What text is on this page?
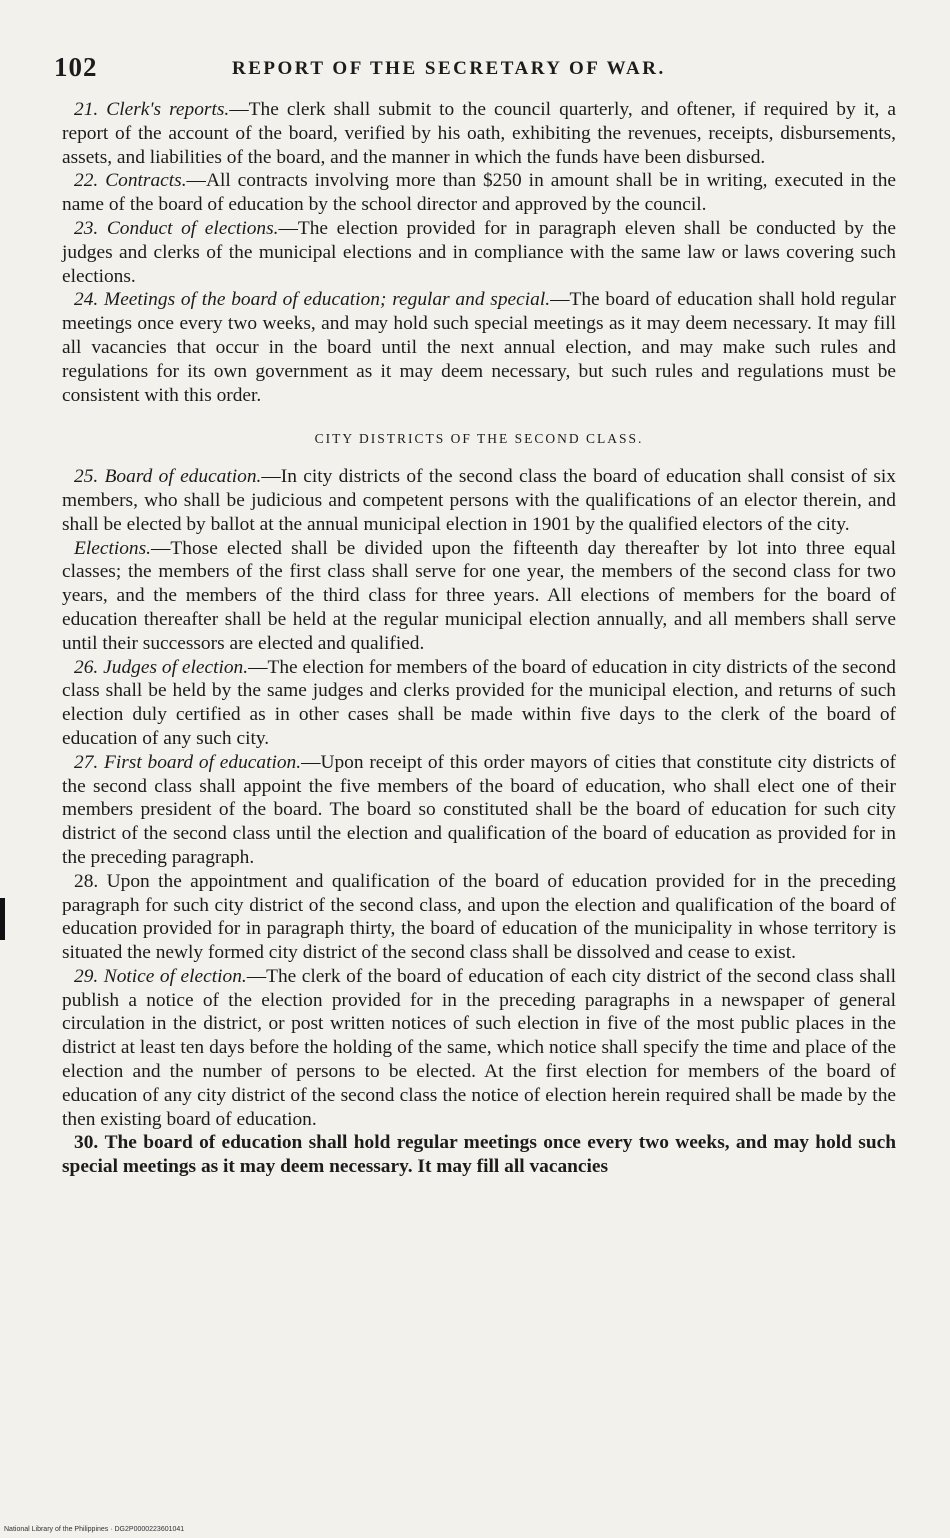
102	REPORT OF THE SECRETARY OF WAR.

21. Clerk's reports.—The clerk shall submit to the council quarterly, and oftener, if required by it, a report of the account of the board, verified by his oath, exhibiting the revenues, receipts, disbursements, assets, and liabilities of the board, and the manner in which the funds have been disbursed.

22. Contracts.—All contracts involving more than $250 in amount shall be in writing, executed in the name of the board of education by the school director and approved by the council.

23. Conduct of elections.—The election provided for in paragraph eleven shall be conducted by the judges and clerks of the municipal elections and in compliance with the same law or laws covering such elections.

24. Meetings of the board of education; regular and special.—The board of education shall hold regular meetings once every two weeks, and may hold such special meetings as it may deem necessary. It may fill all vacancies that occur in the board until the next annual election, and may make such rules and regulations for its own government as it may deem necessary, but such rules and regulations must be consistent with this order.

CITY DISTRICTS OF THE SECOND CLASS.

25. Board of education.—In city districts of the second class the board of education shall consist of six members, who shall be judicious and competent persons with the qualifications of an elector therein, and shall be elected by ballot at the annual municipal election in 1901 by the qualified electors of the city.

Elections.—Those elected shall be divided upon the fifteenth day thereafter by lot into three equal classes; the members of the first class shall serve for one year, the members of the second class for two years, and the members of the third class for three years. All elections of members for the board of education thereafter shall be held at the regular municipal election annually, and all members shall serve until their successors are elected and qualified.

26. Judges of election.—The election for members of the board of education in city districts of the second class shall be held by the same judges and clerks provided for the municipal election, and returns of such election duly certified as in other cases shall be made within five days to the clerk of the board of education of any such city.

27. First board of education.—Upon receipt of this order mayors of cities that constitute city districts of the second class shall appoint the five members of the board of education, who shall elect one of their members president of the board. The board so constituted shall be the board of education for such city district of the second class until the election and qualification of the board of education as provided for in the preceding paragraph.

28. Upon the appointment and qualification of the board of education provided for in the preceding paragraph for such city district of the second class, and upon the election and qualification of the board of education provided for in paragraph thirty, the board of education of the municipality in whose territory is situated the newly formed city district of the second class shall be dissolved and cease to exist.

29. Notice of election.—The clerk of the board of education of each city district of the second class shall publish a notice of the election provided for in the preceding paragraphs in a newspaper of general circulation in the district, or post written notices of such election in five of the most public places in the district at least ten days before the holding of the same, which notice shall specify the time and place of the election and the number of persons to be elected. At the first election for members of the board of education of any city district of the second class the notice of election herein required shall be made by the then existing board of education.

30. The board of education shall hold regular meetings once every two weeks, and may hold such special meetings as it may deem necessary. It may fill all vacancies

National Library of the Philippines · DG2P0000223601041
